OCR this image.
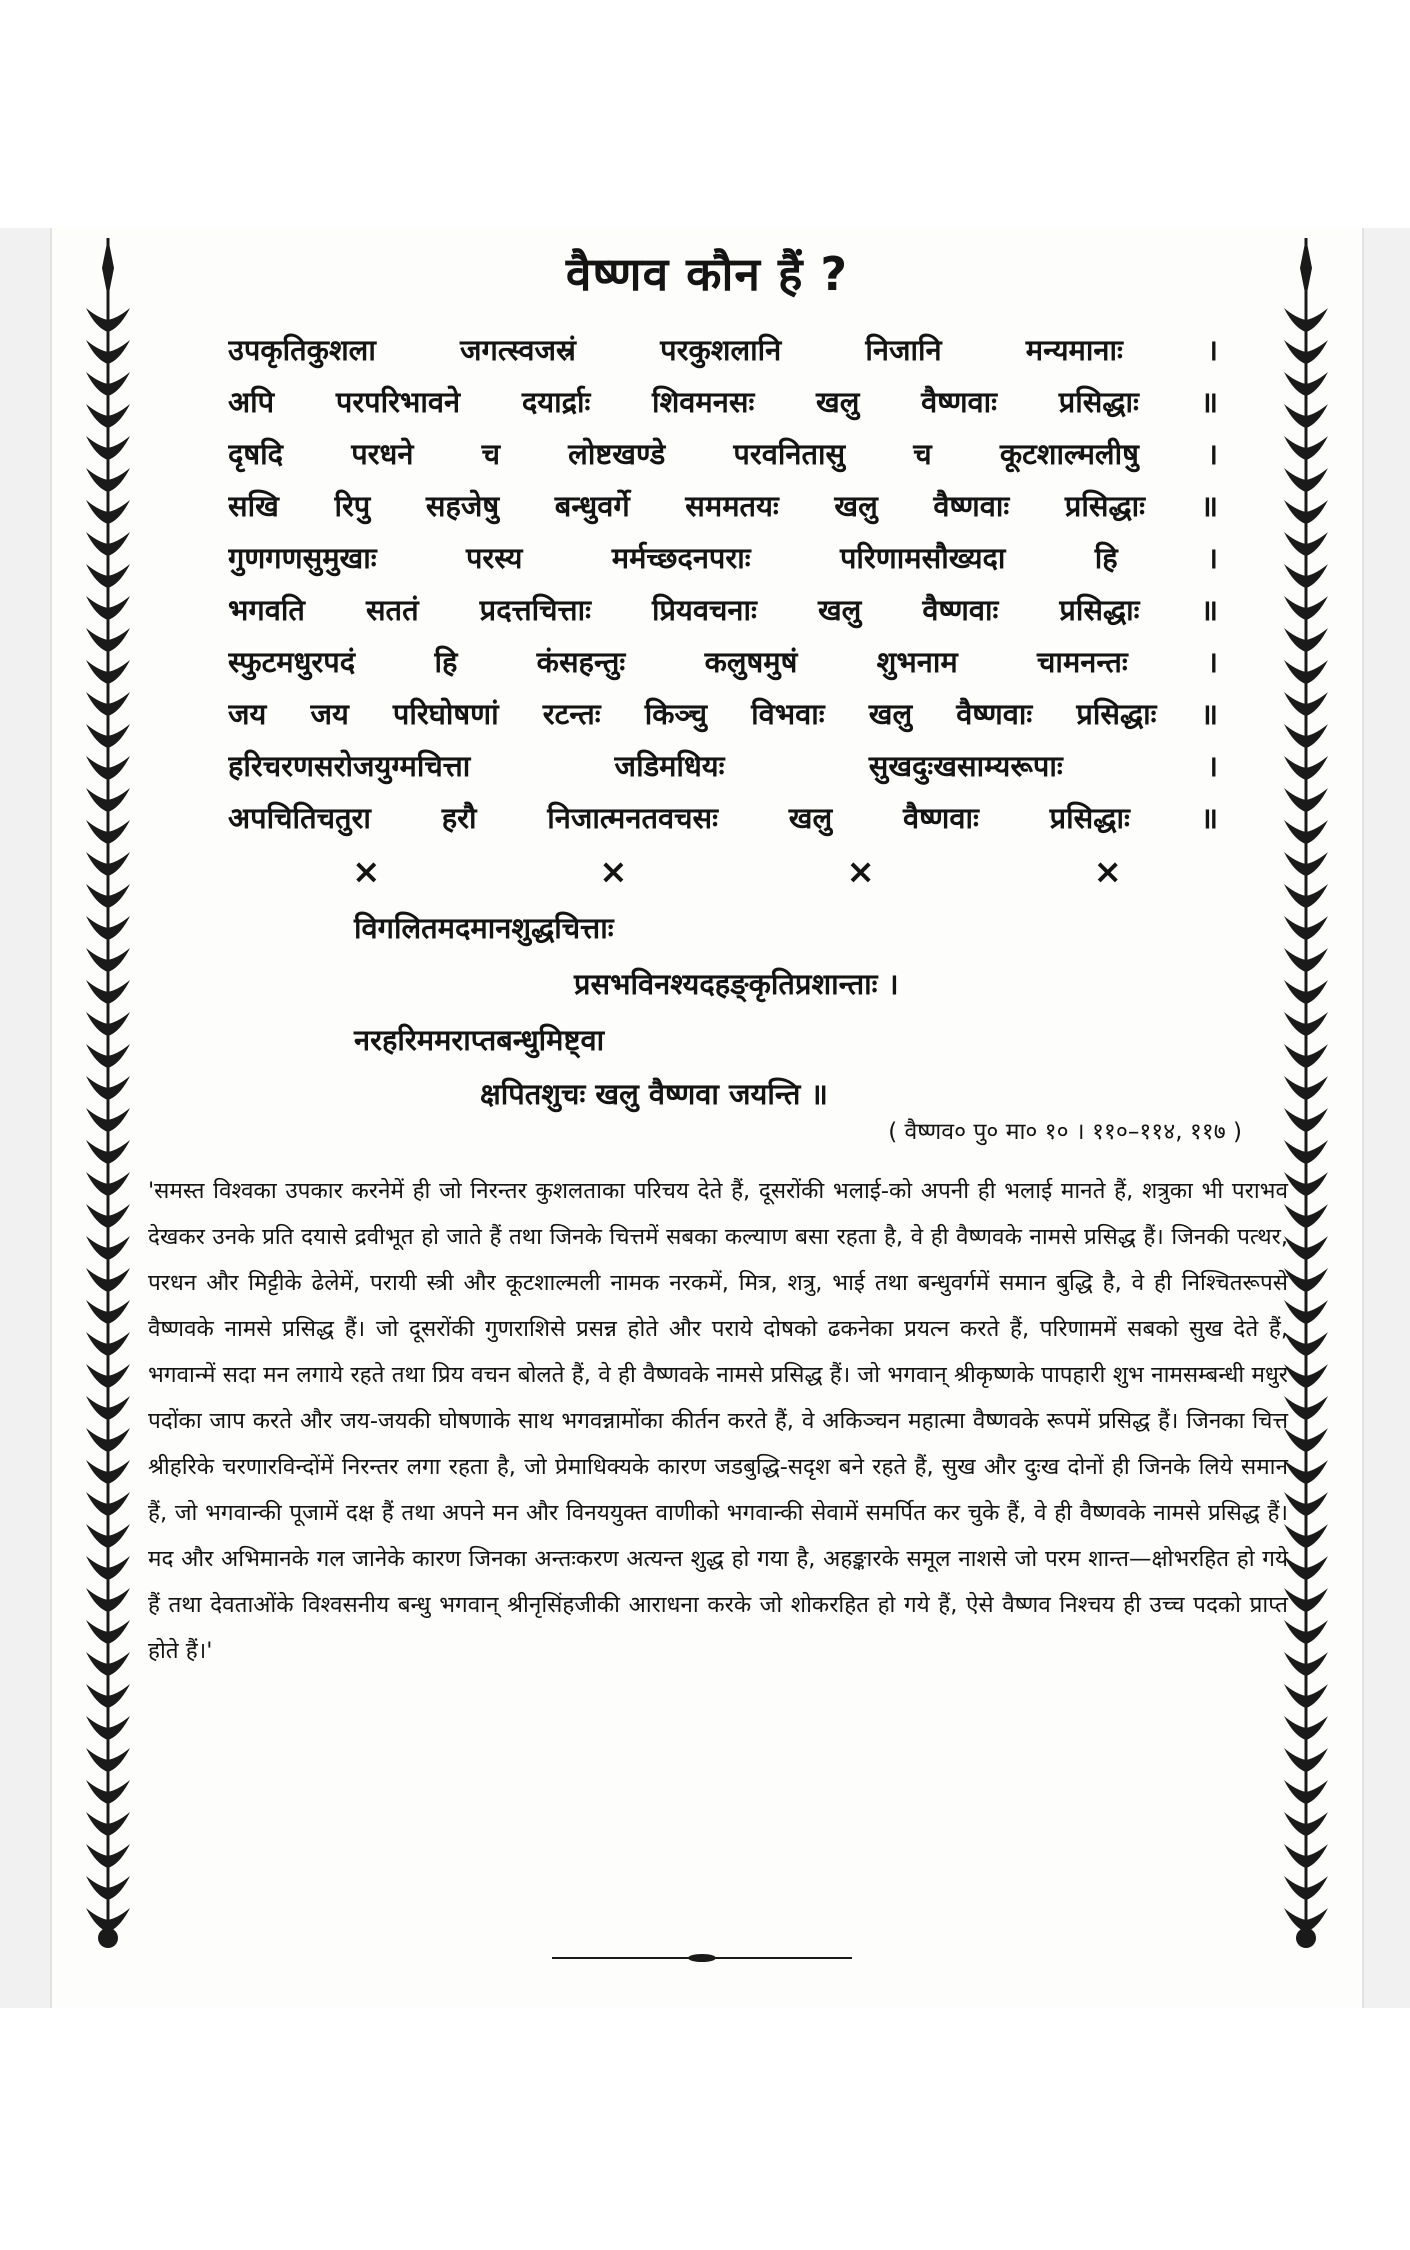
वैष्णव कौन हैं ?
उपकृतिकुशला जगत्स्वजस्रं परकुशलानि निजानि मन्यमानाः ।
अपि परपरिभावने दयार्द्राः शिवमनसः खलु वैष्णवाः प्रसिद्धाः ॥
दृषदि परधने च लोष्टखण्डे परवनितासु च कूटशाल्मलीषु ।
सखि रिपु सहजेषु बन्धुवर्गे सममतयः खलु वैष्णवाः प्रसिद्धाः ॥
गुणगणसुमुखाः परस्य मर्मच्छदनपराः परिणामसौख्यदा हि ।
भगवति सततं प्रदत्तचित्ताः प्रियवचनाः खलु वैष्णवाः प्रसिद्धाः ॥
स्फुटमधुरपदं हि कंसहन्तुः कलुषमुषं शुभनाम चामनन्तः ।
जय जय परिघोषणां रटन्तः किञ्चु विभवाः खलु वैष्णवाः प्रसिद्धाः ॥
हरिचरणसरोजयुग्मचित्ता जडिमधियः सुखदुःखसाम्यरूपाः ।
अपचितिचतुरा हरौ निजात्मनतवचसः खलु वैष्णवाः प्रसिद्धाः ॥
×	×	×	×
विगलितमदमानशुद्धचित्ताः
प्रसभविनश्यदहङ्कृतिप्रशान्ताः ।
नरहरिममराप्तबन्धुमिष्ट्वा
क्षपितशुचः खलु वैष्णवा जयन्ति ॥
( वैष्णव० पु० मा० १० । ११०–११४, ११७ )

'समस्त विश्वका उपकार करनेमें ही जो निरन्तर कुशलताका परिचय देते हैं, दूसरोंकी भलाई-को अपनी ही भलाई मानते हैं, शत्रुका भी पराभव देखकर उनके प्रति दयासे द्रवीभूत हो जाते हैं तथा जिनके चित्तमें सबका कल्याण बसा रहता है, वे ही वैष्णवके नामसे प्रसिद्ध हैं। जिनकी पत्थर, परधन और मिट्टीके ढेलेमें, परायी स्त्री और कूटशाल्मली नामक नरकमें, मित्र, शत्रु, भाई तथा बन्धुवर्गमें समान बुद्धि है, वे ही निश्चितरूपसे वैष्णवके नामसे प्रसिद्ध हैं। जो दूसरोंकी गुणराशिसे प्रसन्न होते और पराये दोषको ढकनेका प्रयत्न करते हैं, परिणाममें सबको सुख देते हैं, भगवान्में सदा मन लगाये रहते तथा प्रिय वचन बोलते हैं, वे ही वैष्णवके नामसे प्रसिद्ध हैं। जो भगवान् श्रीकृष्णके पापहारी शुभ नामसम्बन्धी मधुर पदोंका जाप करते और जय-जयकी घोषणाके साथ भगवन्नामोंका कीर्तन करते हैं, वे अकिञ्चन महात्मा वैष्णवके रूपमें प्रसिद्ध हैं। जिनका चित्त श्रीहरिके चरणारविन्दोंमें निरन्तर लगा रहता है, जो प्रेमाधिक्यके कारण जडबुद्धि-सदृश बने रहते हैं, सुख और दुःख दोनों ही जिनके लिये समान हैं, जो भगवान्की पूजामें दक्ष हैं तथा अपने मन और विनययुक्त वाणीको भगवान्की सेवामें समर्पित कर चुके हैं, वे ही वैष्णवके नामसे प्रसिद्ध हैं। मद और अभिमानके गल जानेके कारण जिनका अन्तःकरण अत्यन्त शुद्ध हो गया है, अहङ्कारके समूल नाशसे जो परम शान्त—क्षोभरहित हो गये हैं तथा देवताओंके विश्वसनीय बन्धु भगवान् श्रीनृसिंहजीकी आराधना करके जो शोकरहित हो गये हैं, ऐसे वैष्णव निश्चय ही उच्च पदको प्राप्त होते हैं।'
